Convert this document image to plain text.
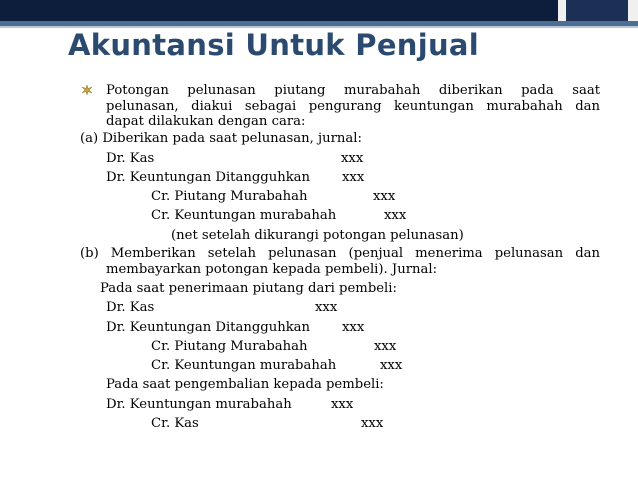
Akuntansi Untuk Penjual
Potongan pelunasan piutang murabahah diberikan pada saat
pelunasan, diakui sebagai pengurang keuntungan murabahah dan
dapat dilakukan dengan cara:
(a) Diberikan pada saat pelunasan, jurnal:
Dr. Kas	xxx
Dr. Keuntungan Ditangguhkan xxx
Cr. Piutang Murabahah	xxx
Cr. Keuntungan murabahah	xxx
(net setelah dikurangi potongan pelunasan)
(b) Memberikan setelah pelunasan (penjual menerima pelunasan dan
membayarkan potongan kepada pembeli). Jurnal:
Pada saat penerimaan piutang dari pembeli:
Dr. Kas	xxx
Dr. Keuntungan Ditangguhkan xxx
Cr. Piutang Murabahah	xxx
Cr. Keuntungan murabahah	xxx
Pada saat pengembalian kepada pembeli:
Dr. Keuntungan murabahah	xxx
Cr. Kas	xxx
